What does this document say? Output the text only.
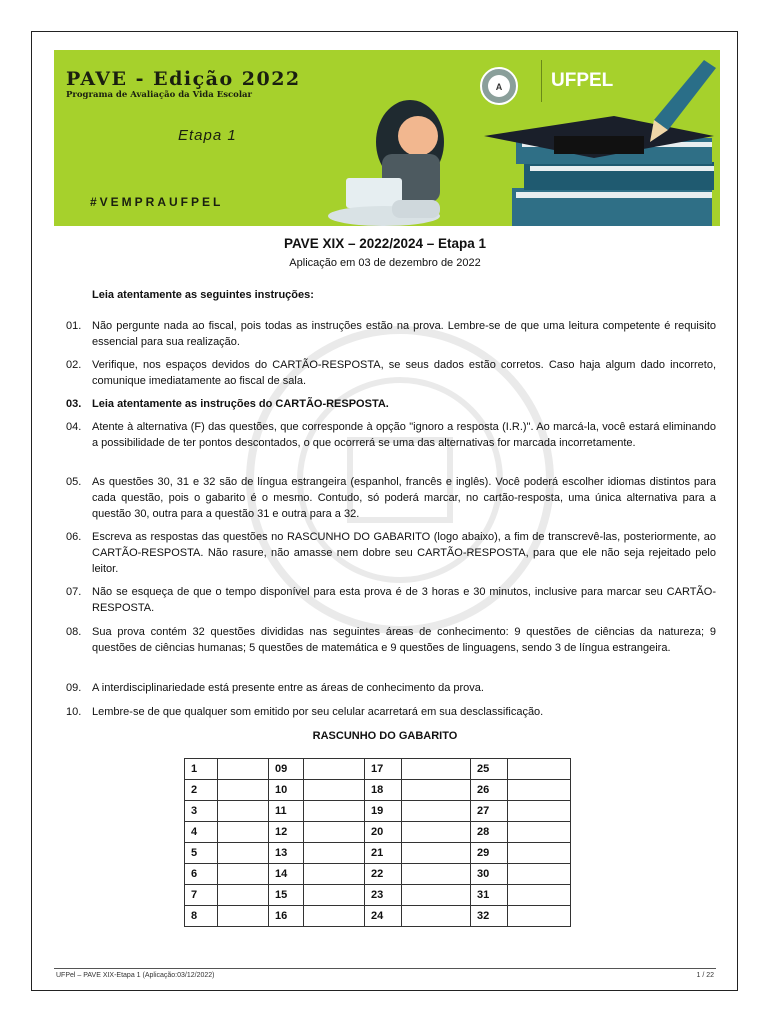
PAVE - Edição 2022
Programa de Avaliação da Vida Escolar
Etapa 1
#VEMPRAUFPEL
A	UFPEL
PAVE XIX – 2022/2024 – Etapa 1
Aplicação em 03 de dezembro de 2022
Leia atentamente as seguintes instruções:
01. Não pergunte nada ao fiscal, pois todas as instruções estão na prova. Lembre-se de que uma leitura competente é requisito essencial para sua realização.
02. Verifique, nos espaços devidos do CARTÃO-RESPOSTA, se seus dados estão corretos. Caso haja algum dado incorreto, comunique imediatamente ao fiscal de sala.
03. Leia atentamente as instruções do CARTÃO-RESPOSTA.
04. Atente à alternativa (F) das questões, que corresponde à opção "ignoro a resposta (I.R.)". Ao marcá-la, você estará eliminando a possibilidade de ter pontos descontados, o que ocorrerá se uma das alternativas for marcada incorretamente.
05. As questões 30, 31 e 32 são de língua estrangeira (espanhol, francês e inglês). Você poderá escolher idiomas distintos para cada questão, pois o gabarito é o mesmo. Contudo, só poderá marcar, no cartão-resposta, uma única alternativa para a questão 30, outra para a questão 31 e outra para a 32.
06. Escreva as respostas das questões no RASCUNHO DO GABARITO (logo abaixo), a fim de transcrevê-las, posteriormente, ao CARTÃO-RESPOSTA. Não rasure, não amasse nem dobre seu CARTÃO-RESPOSTA, para que ele não seja rejeitado pelo leitor.
07. Não se esqueça de que o tempo disponível para esta prova é de 3 horas e 30 minutos, inclusive para marcar seu CARTÃO-RESPOSTA.
08. Sua prova contém 32 questões divididas nas seguintes áreas de conhecimento: 9 questões de ciências da natureza; 9 questões de ciências humanas; 5 questões de matemática e 9 questões de linguagens, sendo 3 de língua estrangeira.
09. A interdisciplinariedade está presente entre as áreas de conhecimento da prova.
10. Lembre-se de que qualquer som emitido por seu celular acarretará em sua desclassificação.
RASCUNHO DO GABARITO
1		09		17		25	
2		10		18		26	
3		11		19		27	
4		12		20		28	
5		13		21		29	
6		14		22		30	
7		15		23		31	
8		16		24		32	
UFPel – PAVE XIX-Etapa 1 (Aplicação:03/12/2022)	1 / 22
